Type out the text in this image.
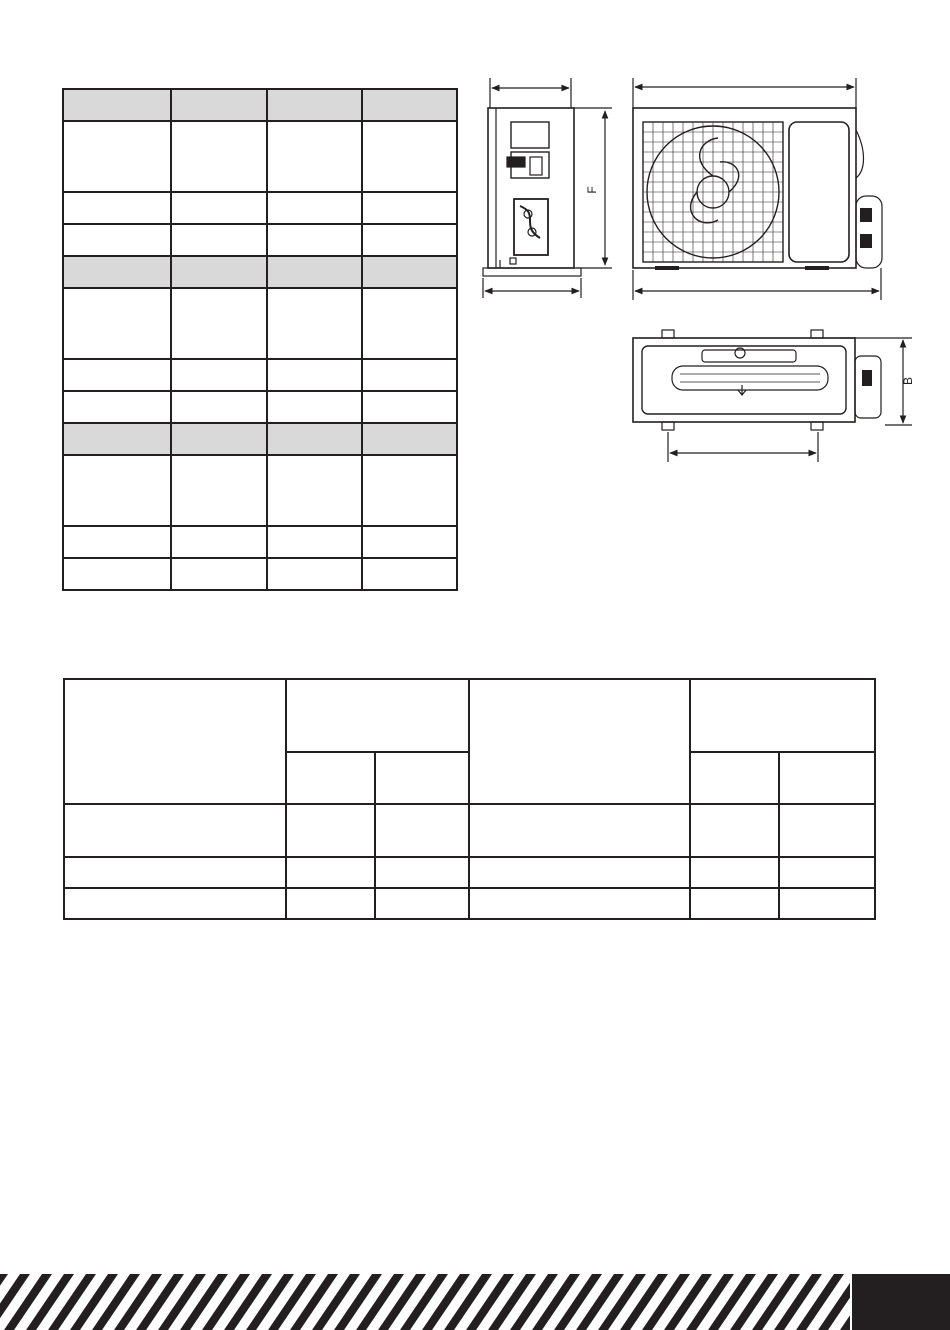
F
B
